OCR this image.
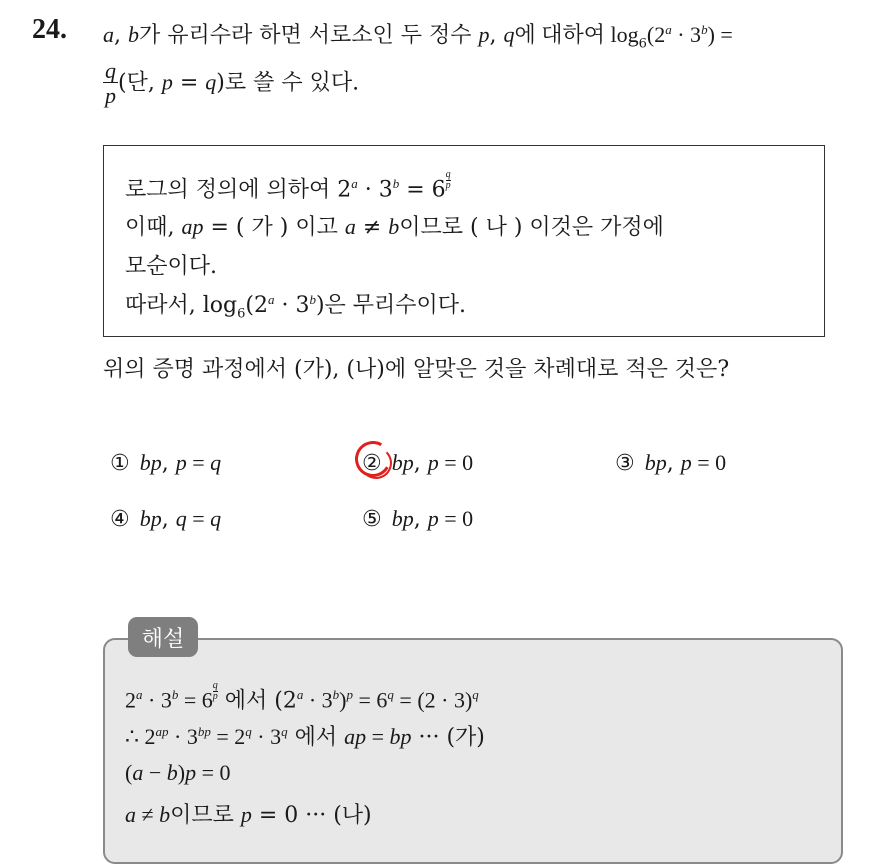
24. a, b가 유리수라 하면 서로소인 두 정수 p, q에 대하여 $\log_6(2^a \cdot 3^b)$ =
$\frac{q}{p}$ (단, p = q)로 쓸 수 있다.
로그의 정의에 의하여 $2^a \cdot 3^b = 6 \frac{q}{p}$
이때, ap = ( 가 ) 이고 a ≠ b이므로 ( 나 ) 이것은 가정에
모순이다.
따라서, $\log_6(2^a \cdot 3^b)$은 무리수이다.
위의 증명 과정에서 (가), (나)에 알맞은 것을 차례대로 적은 것은?
① bp, p = q	② bp, p = 0	③ bp, p = 0
④ bp, q = q	⑤ bp, p = 0
해설
$2^a \cdot 3^b = 6 \frac{q}{p}$ 에서 $(2^a \cdot 3^b)^p = 6^q = (2 \cdot 3)^q$
∴ $2^{ap} \cdot 3^{bp} = 2^q \cdot 3^q$ 에서 ap = bp ··· (가)
(a − b)p = 0
a ≠ b이므로 p = 0 ··· (나)
